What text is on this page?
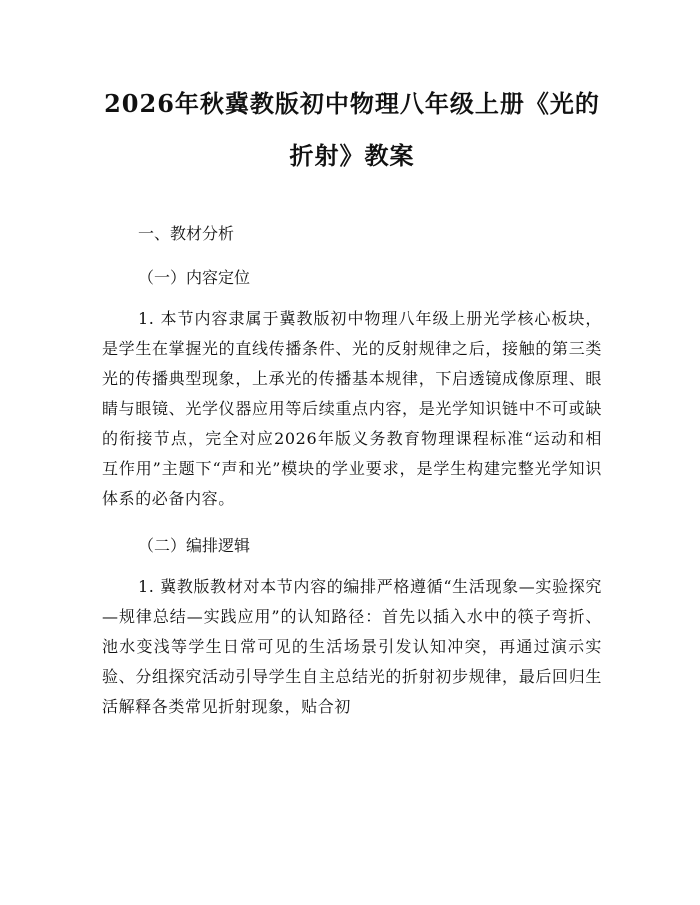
2026年秋冀教版初中物理八年级上册《光的
折射》教案

一、教材分析

（一）内容定位

1. 本节内容隶属于冀教版初中物理八年级上册光学核心板块，是学生在掌握光的直线传播条件、光的反射规律之后，接触的第三类光的传播典型现象，上承光的传播基本规律，下启透镜成像原理、眼睛与眼镜、光学仪器应用等后续重点内容，是光学知识链中不可或缺的衔接节点，完全对应2026年版义务教育物理课程标准“运动和相互作用”主题下“声和光”模块的学业要求，是学生构建完整光学知识体系的必备内容。

（二）编排逻辑

1. 冀教版教材对本节内容的编排严格遵循“生活现象—实验探究—规律总结—实践应用”的认知路径：首先以插入水中的筷子弯折、池水变浅等学生日常可见的生活场景引发认知冲突，再通过演示实验、分组探究活动引导学生自主总结光的折射初步规律，最后回归生活解释各类常见折射现象，贴合初
